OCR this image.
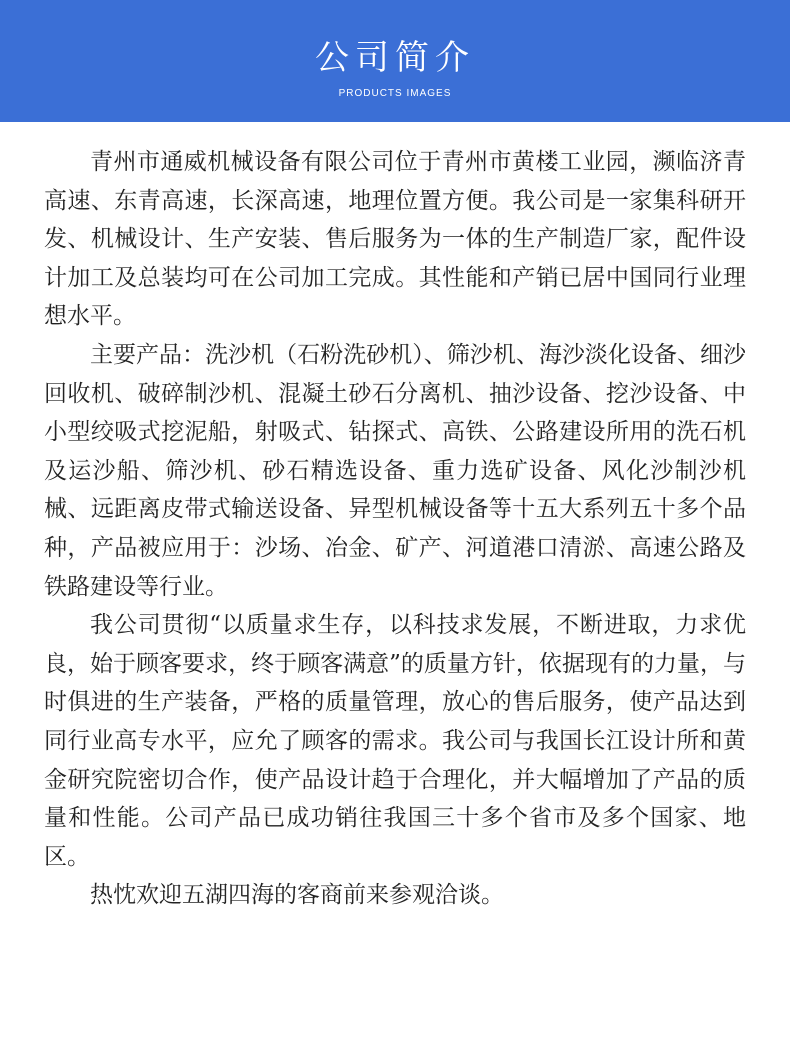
公司简介
PRODUCTS IMAGES

青州市通威机械设备有限公司位于青州市黄楼工业园，濒临济青高速、东青高速，长深高速，地理位置方便。我公司是一家集科研开发、机械设计、生产安装、售后服务为一体的生产制造厂家，配件设计加工及总装均可在公司加工完成。其性能和产销已居中国同行业理想水平。

主要产品：洗沙机（石粉洗砂机）、筛沙机、海沙淡化设备、细沙回收机、破碎制沙机、混凝土砂石分离机、抽沙设备、挖沙设备、中小型绞吸式挖泥船，射吸式、钻探式、高铁、公路建设所用的洗石机及运沙船、筛沙机、砂石精选设备、重力选矿设备、风化沙制沙机械、远距离皮带式输送设备、异型机械设备等十五大系列五十多个品种，产品被应用于：沙场、冶金、矿产、河道港口清淤、高速公路及铁路建设等行业。

我公司贯彻“以质量求生存，以科技求发展，不断进取，力求优良，始于顾客要求，终于顾客满意”的质量方针，依据现有的力量，与时俱进的生产装备，严格的质量管理，放心的售后服务，使产品达到同行业高专水平，应允了顾客的需求。我公司与我国长江设计所和黄金研究院密切合作，使产品设计趋于合理化，并大幅增加了产品的质量和性能。公司产品已成功销往我国三十多个省市及多个国家、地区。

热忱欢迎五湖四海的客商前来参观洽谈。
